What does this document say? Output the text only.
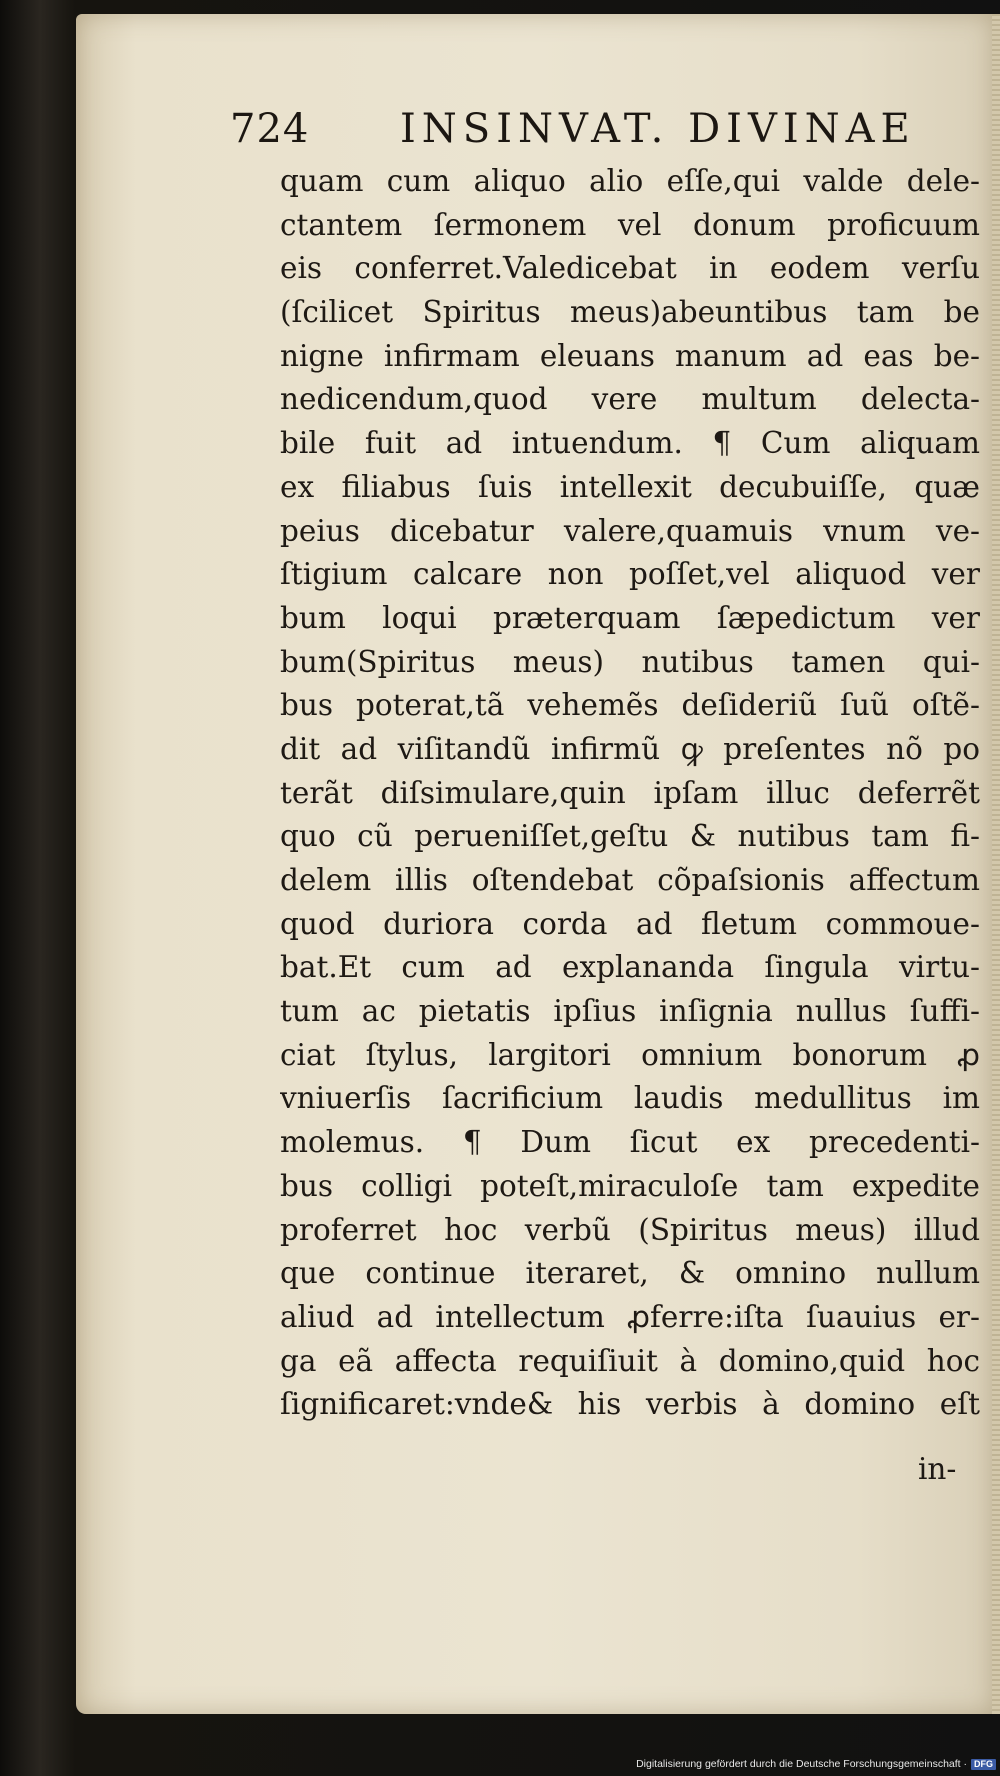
724 INSINVAT. DIVINAE
quam cum aliquo alio eſſe,qui valde dele-
ctantem ſermonem vel donum proficuum
eis conferret.Valedicebat in eodem verſu
(ſcilicet Spiritus meus)abeuntibus tam be
nigne infirmam eleuans manum ad eas be-
nedicendum,quod vere multum delecta-
bile fuit ad intuendum. ¶ Cum aliquam
ex filiabus ſuis intellexit decubuiſſe, quæ
peius dicebatur valere,quamuis vnum ve-
ſtigium calcare non poſſet,vel aliquod ver
bum loqui præterquam ſæpedictum ver
bum(Spiritus meus) nutibus tamen qui-
bus poterat,tã vehemẽs deſideriũ ſuũ oſtẽ-
dit ad viſitandũ infirmũ ꝙ preſentes nõ po
terãt diſsimulare,quin ipſam illuc deferrẽt
quo cũ perueniſſet,geſtu & nutibus tam fi-
delem illis oſtendebat cõpaſsionis affectum
quod duriora corda ad fletum commoue-
bat.Et cum ad explananda ſingula virtu-
tum ac pietatis ipſius inſignia nullus ſuffi-
ciat ſtylus, largitori omnium bonorum ꝓ
vniuerſis ſacrificium laudis medullitus im
molemus. ¶ Dum ſicut ex precedenti-
bus colligi poteſt,miraculoſe tam expedite
proferret hoc verbũ (Spiritus meus) illud
que continue iteraret, & omnino nullum
aliud ad intellectum ꝓferre:iſta ſuauius er-
ga eã affecta requiſiuit à domino,quid hoc
ſignificaret:vnde& his verbis à domino eſt
in-
Digitalisierung gefördert durch die Deutsche Forschungsgemeinschaft · DFG
